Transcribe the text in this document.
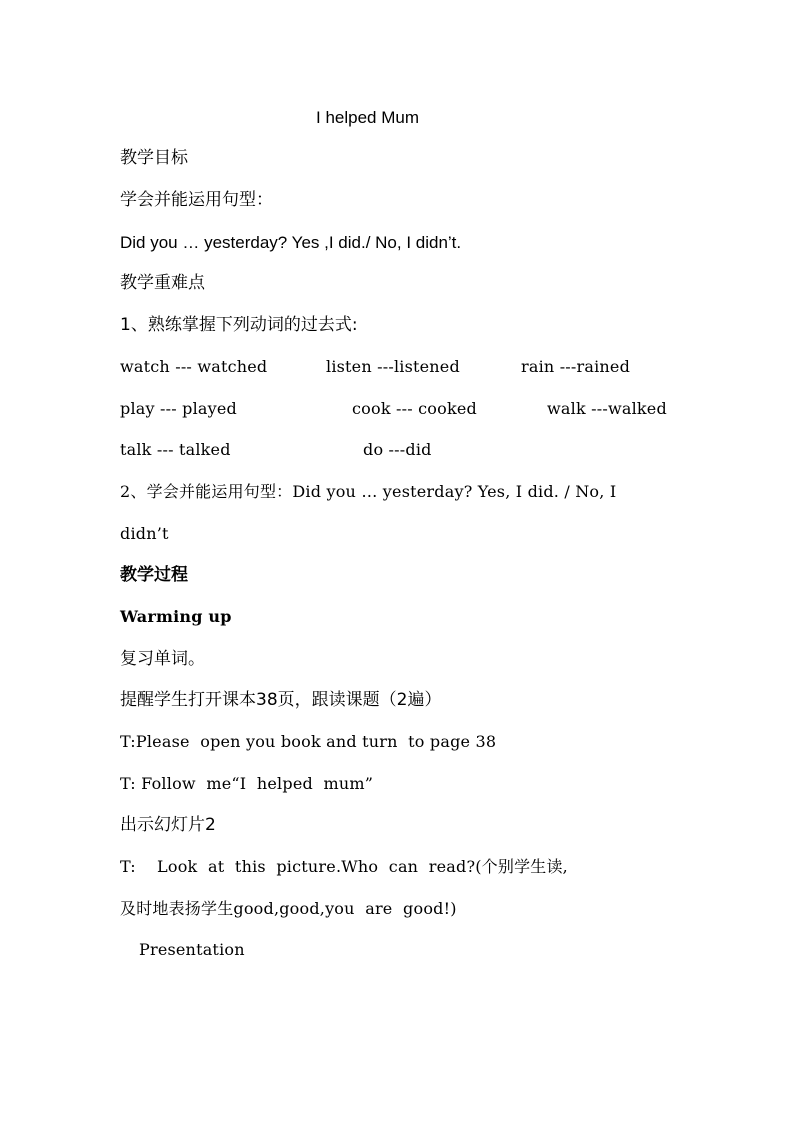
I helped Mum
教学目标
学会并能运用句型：
Did you … yesterday? Yes ,I did./ No, I didn’t.
教学重难点
1、熟练掌握下列动词的过去式:
watch --- watched	listen ---listened	rain ---rained
play --- played	cook --- cooked	walk ---walked
talk --- talked	do ---did
2、学会并能运用句型：Did you … yesterday? Yes, I did. / No, I
didn’t
教学过程
Warming up
复习单词。
提醒学生打开课本38页，跟读课题（2遍）
T:Please  open you book and turn  to page 38
T: Follow  me“I  helped  mum”
出示幻灯片2
T:    Look  at  this  picture.Who  can  read?(个别学生读,
及时地表扬学生good,good,you  are  good!)
Presentation
